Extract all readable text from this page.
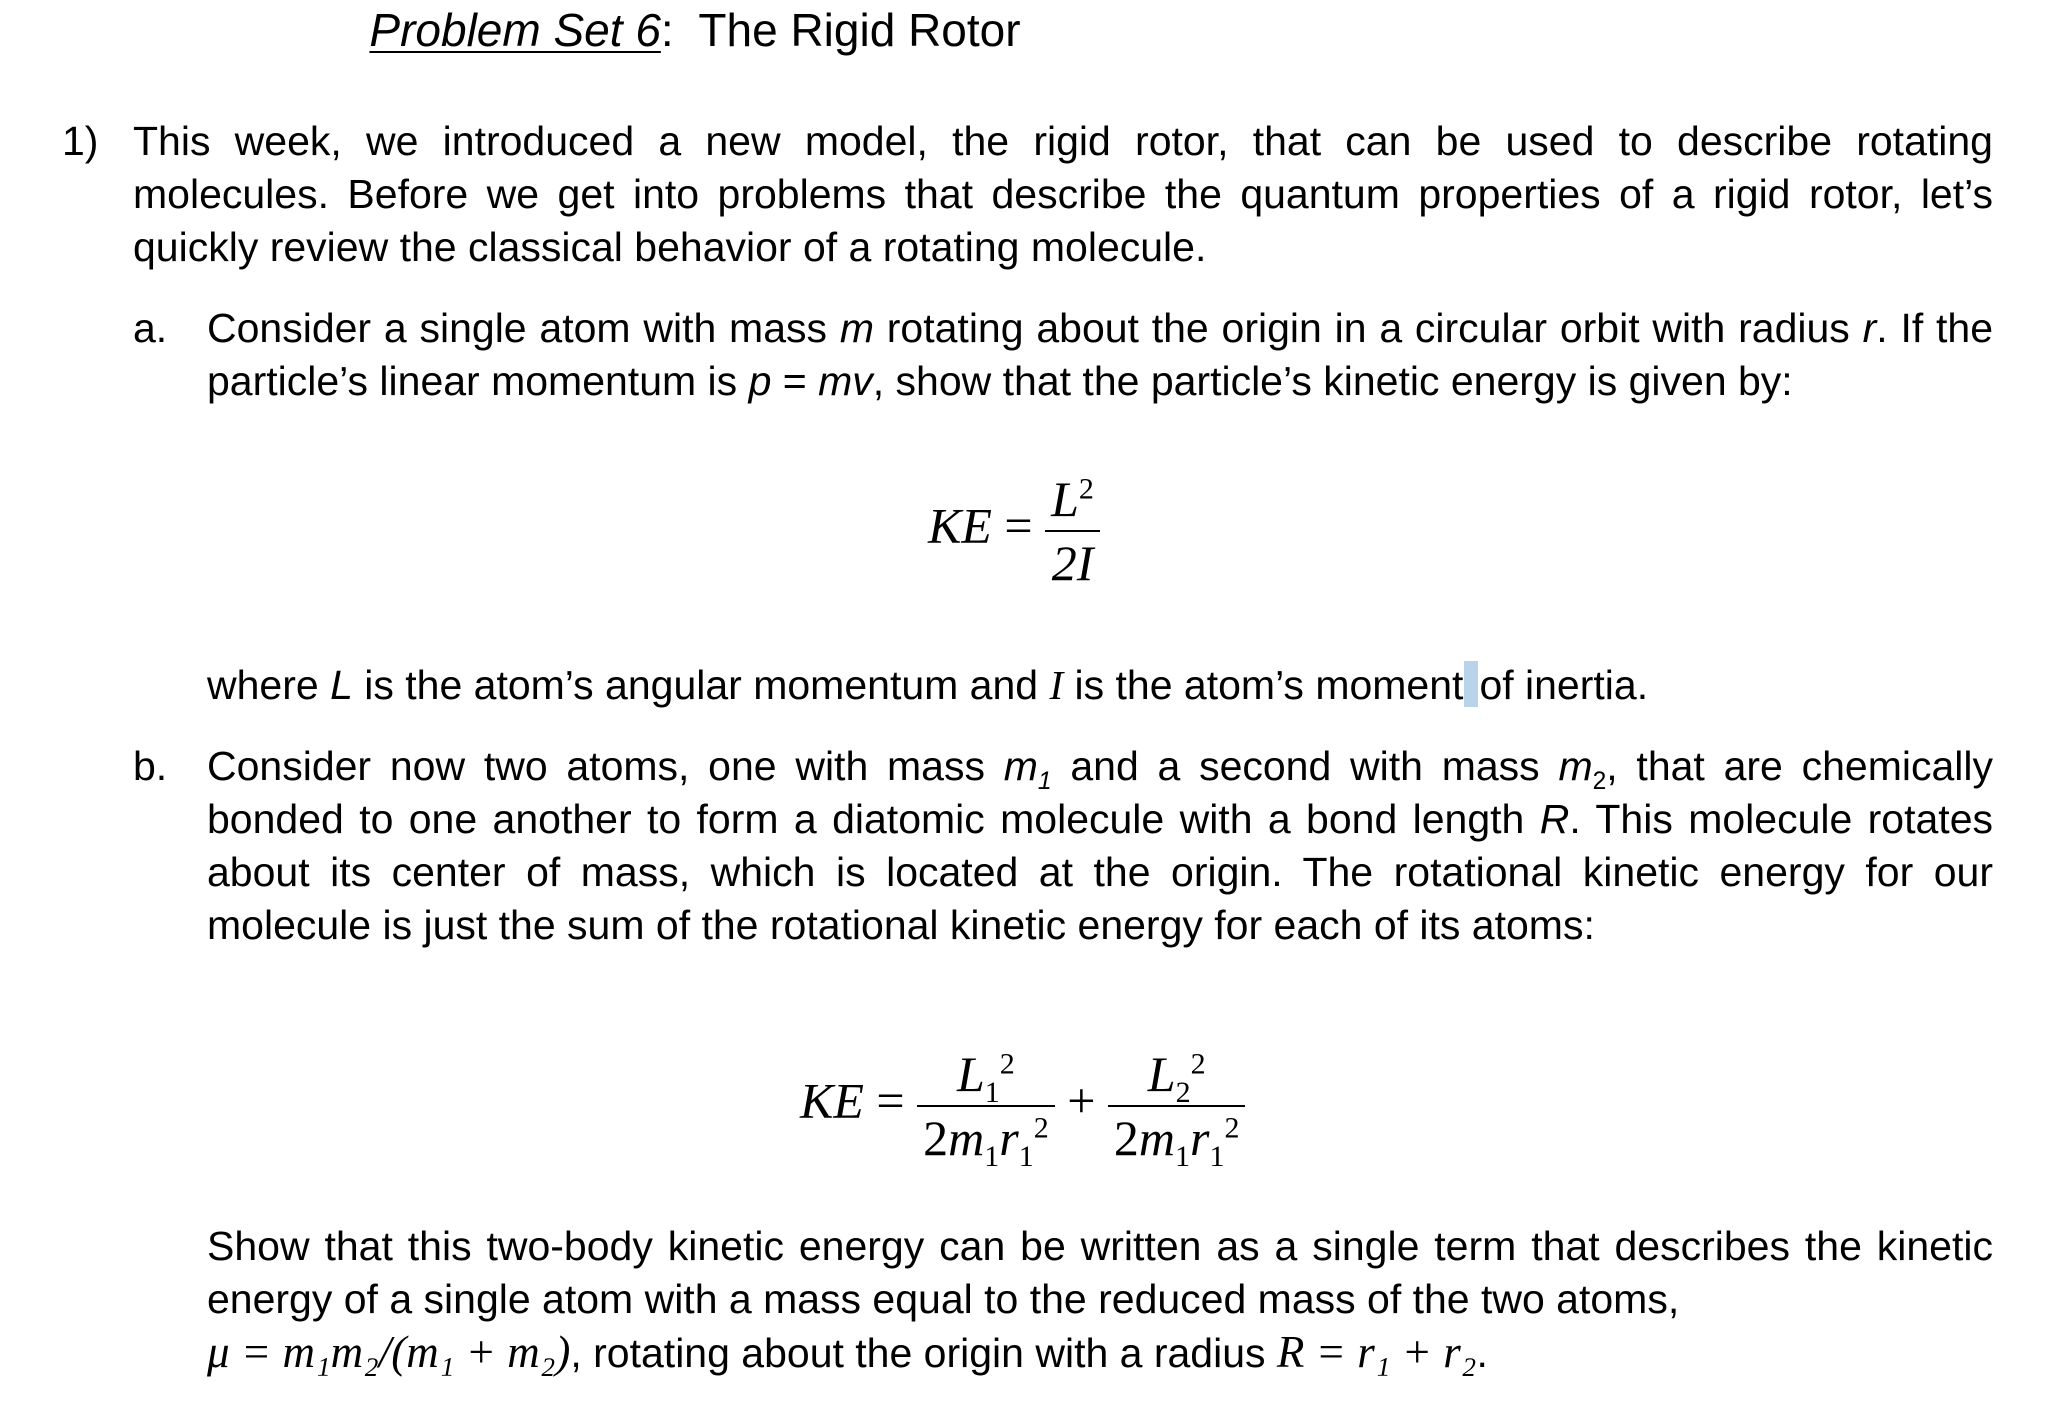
Problem Set 6: The Rigid Rotor
1) This week, we introduced a new model, the rigid rotor, that can be used to describe rotating molecules. Before we get into problems that describe the quantum properties of a rigid rotor, let’s quickly review the classical behavior of a rotating molecule.
a. Consider a single atom with mass m rotating about the origin in a circular orbit with radius r. If the particle’s linear momentum is p = mv, show that the particle’s kinetic energy is given by:
KE = $\frac{L^2}{2I}$
where L is the atom’s angular momentum and I is the atom’s moment of inertia.
b. Consider now two atoms, one with mass $m_1$ and a second with mass $m_2$, that are chemically bonded to one another to form a diatomic molecule with a bond length R. This molecule rotates about its center of mass, which is located at the origin. The rotational kinetic energy for our molecule is just the sum of the rotational kinetic energy for each of its atoms:
KE = $\frac{L_1^2}{2m_1r_1^2} + \frac{L_2^2}{2m_1r_1^2}$
Show that this two-body kinetic energy can be written as a single term that describes the kinetic energy of a single atom with a mass equal to the reduced mass of the two atoms,
μ = m₁m₂/(m₁ + m₂), rotating about the origin with a radius R = r₁ + r₂.
